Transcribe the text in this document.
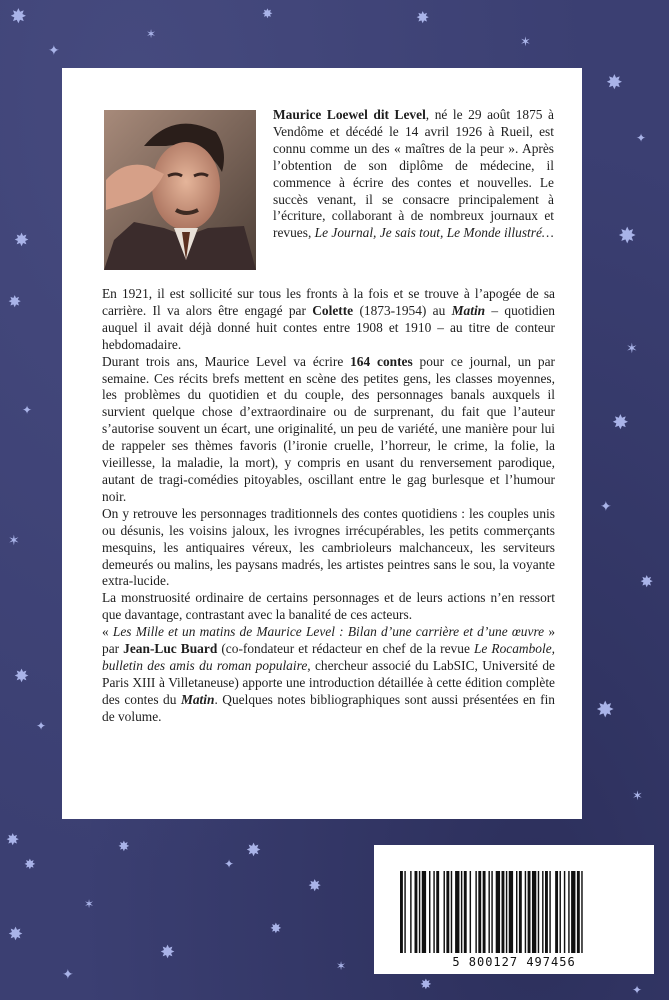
✸
✦
✶
✸	✸
✶
✸
✦
✸
✶
✸
✦
✸
✸
✶
✸
✸
✦
✶
✸
✦
✸
✸
✸
✶
✸
✸
✦
✸
✸
✸
✶
✦
✸	✦
Maurice Loewel dit Level, né le 29 août 1875 à Vendôme et décédé le 14 avril 1926 à Rueil, est connu comme un des « maîtres de la peur ». Après l’obtention de son diplôme de médecine, il commence à écrire des contes et nouvelles. Le succès venant, il se consacre principalement à l’écriture, collaborant à de nombreux journaux et revues, Le Journal, Je sais tout, Le Monde illustré…

En 1921, il est sollicité sur tous les fronts à la fois et se trouve à l’apogée de sa carrière. Il va alors être engagé par Colette (1873-1954) au Matin – quotidien auquel il avait déjà donné huit contes entre 1908 et 1910 – au titre de conteur hebdomadaire.

Durant trois ans, Maurice Level va écrire 164 contes pour ce journal, un par semaine. Ces récits brefs mettent en scène des petites gens, les classes moyennes, les problèmes du quotidien et du couple, des personnages banals auxquels il survient quelque chose d’extraordinaire ou de surprenant, du fait que l’auteur s’autorise souvent un écart, une originalité, un peu de variété, une manière pour lui de rappeler ses thèmes favoris (l’ironie cruelle, l’horreur, le crime, la folie, la vieillesse, la maladie, la mort), y compris en usant du renversement parodique, autant de tragi-comédies pitoyables, oscillant entre le gag burlesque et l’humour noir.

On y retrouve les personnages traditionnels des contes quotidiens : les couples unis ou désunis, les voisins jaloux, les ivrognes irrécupérables, les petits commerçants mesquins, les antiquaires véreux, les cambrioleurs malchanceux, les serviteurs demeurés ou malins, les paysans madrés, les artistes peintres sans le sou, la voyante extra-lucide.

La monstruosité ordinaire de certains personnages et de leurs actions n’en ressort que davantage, contrastant avec la banalité de ces acteurs.

« Les Mille et un matins de Maurice Level : Bilan d’une carrière et d’une œuvre » par Jean-Luc Buard (co-fondateur et rédacteur en chef de la revue Le Rocambole, bulletin des amis du roman populaire, chercheur associé du LabSIC, Université de Paris XIII à Villetaneuse) apporte une introduction détaillée à cette édition complète des contes du Matin. Quelques notes bibliographiques sont aussi présentées en fin de volume.

5 800127 497456
